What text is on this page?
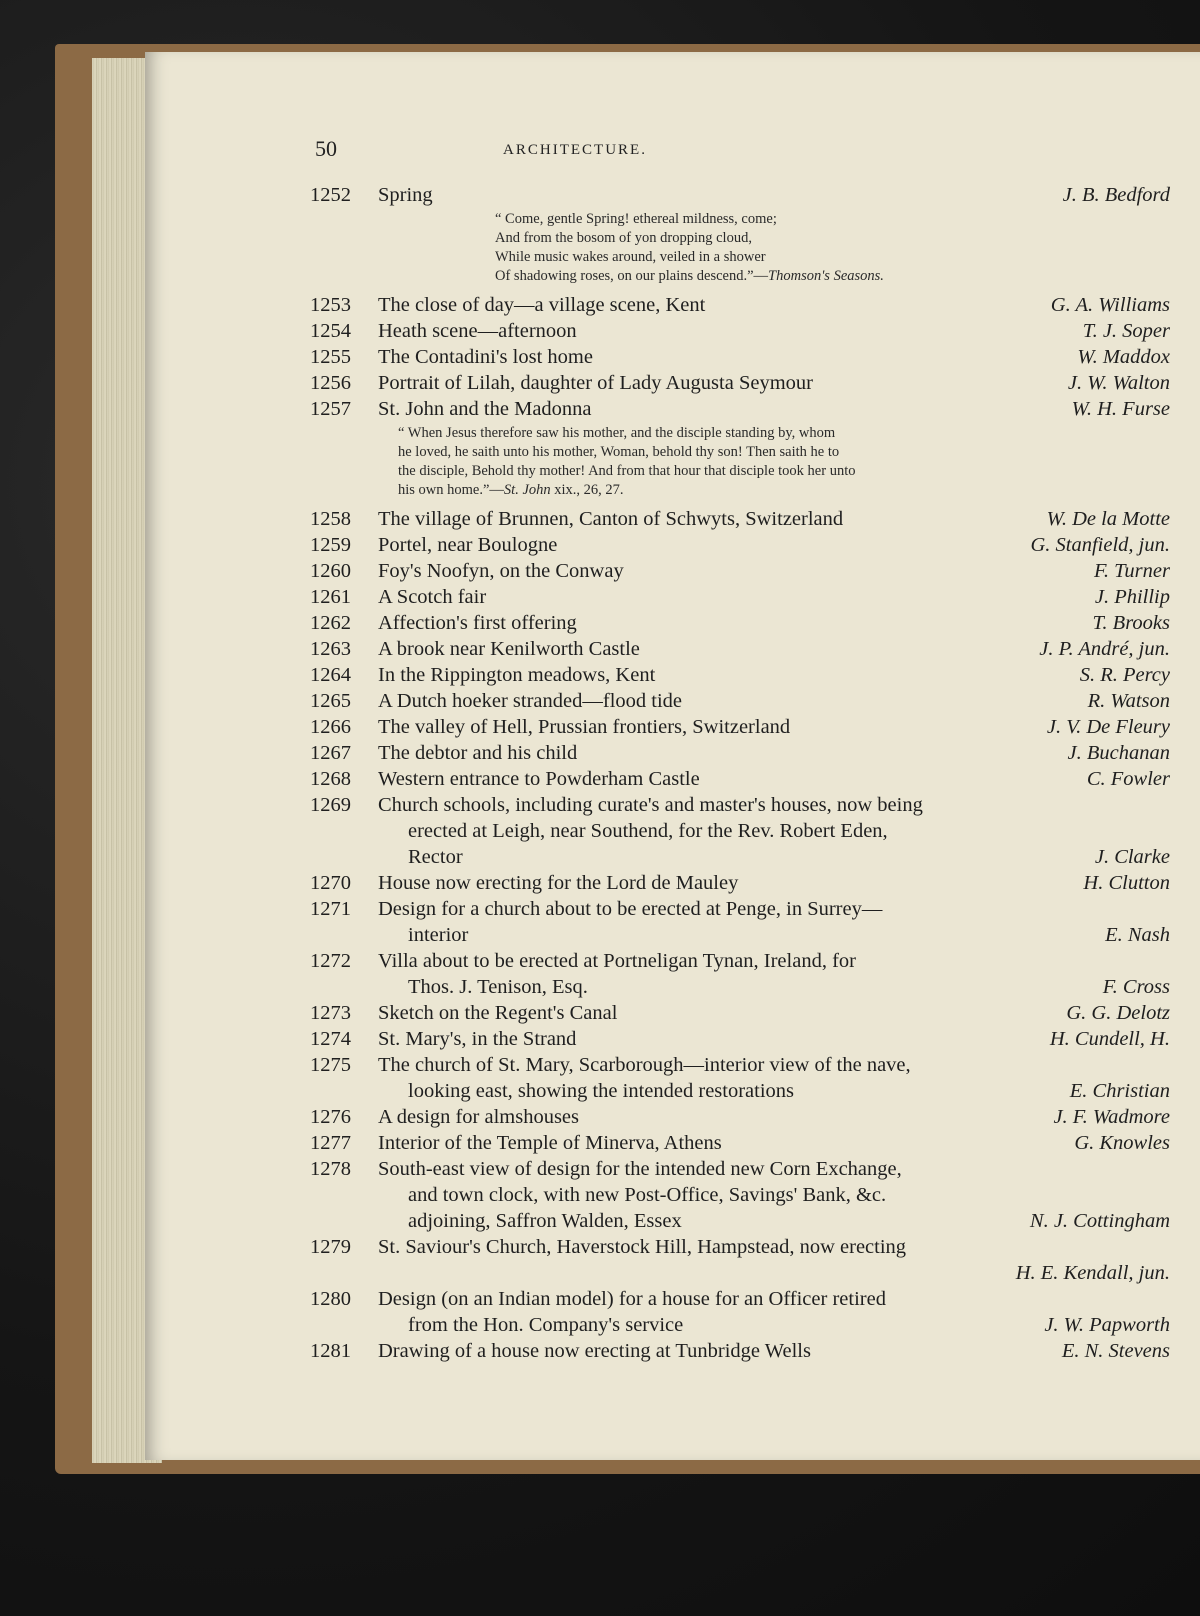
50	ARCHITECTURE.
1252	Spring	J. B. Bedford
“ Come, gentle Spring! ethereal mildness, come;
And from the bosom of yon dropping cloud,
While music wakes around, veiled in a shower
Of shadowing roses, on our plains descend.”—Thomson's Seasons.
1253	The close of day—a village scene, Kent	G. A. Williams
1254	Heath scene—afternoon	T. J. Soper
1255	The Contadini's lost home	W. Maddox
1256	Portrait of Lilah, daughter of Lady Augusta Seymour	J. W. Walton
1257	St. John and the Madonna	W. H. Furse
“ When Jesus therefore saw his mother, and the disciple standing by, whom
he loved, he saith unto his mother, Woman, behold thy son! Then saith he to
the disciple, Behold thy mother! And from that hour that disciple took her unto
his own home.”—St. John xix., 26, 27.
1258	The village of Brunnen, Canton of Schwyts, Switzerland	W. De la Motte
1259	Portel, near Boulogne	G. Stanfield, jun.
1260	Foy's Noofyn, on the Conway	F. Turner
1261	A Scotch fair	J. Phillip
1262	Affection's first offering	T. Brooks
1263	A brook near Kenilworth Castle	J. P. André, jun.
1264	In the Rippington meadows, Kent	S. R. Percy
1265	A Dutch hoeker stranded—flood tide	R. Watson
1266	The valley of Hell, Prussian frontiers, Switzerland	J. V. De Fleury
1267	The debtor and his child	J. Buchanan
1268	Western entrance to Powderham Castle	C. Fowler
1269	Church schools, including curate's and master's houses, now being
erected at Leigh, near Southend, for the Rev. Robert Eden,
Rector	J. Clarke
1270	House now erecting for the Lord de Mauley	H. Clutton
1271	Design for a church about to be erected at Penge, in Surrey—
interior	E. Nash
1272	Villa about to be erected at Portneligan Tynan, Ireland, for
Thos. J. Tenison, Esq.	F. Cross
1273	Sketch on the Regent's Canal	G. G. Delotz
1274	St. Mary's, in the Strand	H. Cundell, H.
1275	The church of St. Mary, Scarborough—interior view of the nave,
looking east, showing the intended restorations	E. Christian
1276	A design for almshouses	J. F. Wadmore
1277	Interior of the Temple of Minerva, Athens	G. Knowles
1278	South-east view of design for the intended new Corn Exchange,
and town clock, with new Post-Office, Savings' Bank, &c.
adjoining, Saffron Walden, Essex	N. J. Cottingham
1279	St. Saviour's Church, Haverstock Hill, Hampstead, now erecting
H. E. Kendall, jun.
1280	Design (on an Indian model) for a house for an Officer retired
from the Hon. Company's service	J. W. Papworth
1281	Drawing of a house now erecting at Tunbridge Wells	E. N. Stevens
